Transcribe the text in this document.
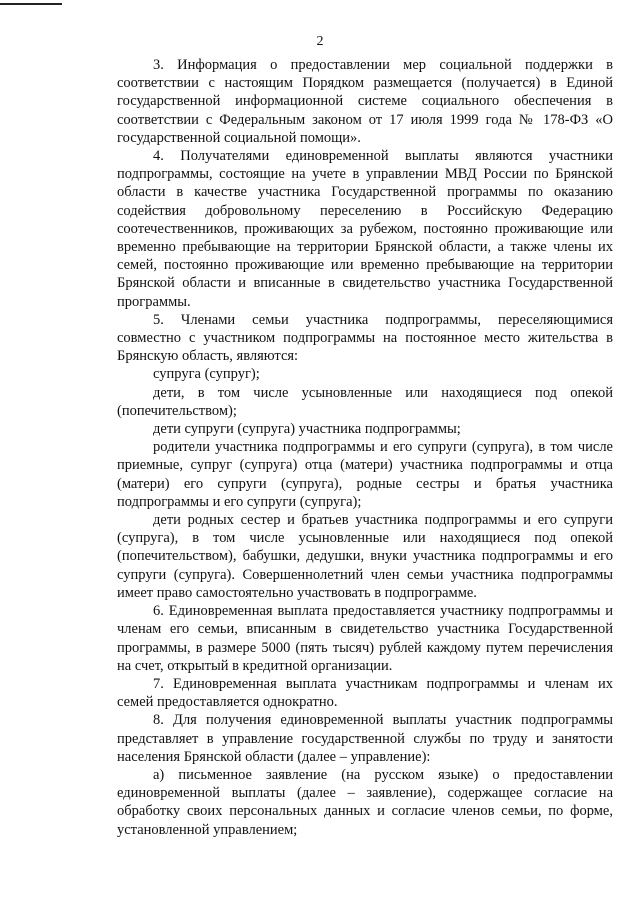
2

3. Информация о предоставлении мер социальной поддержки в соответствии с настоящим Порядком размещается (получается) в Единой государственной информационной системе социального обеспечения в соответствии с Федеральным законом от 17 июля 1999 года № 178-ФЗ «О государственной социальной помощи».

4. Получателями единовременной выплаты являются участники подпрограммы, состоящие на учете в управлении МВД России по Брянской области в качестве участника Государственной программы по оказанию содействия добровольному переселению в Российскую Федерацию соотечественников, проживающих за рубежом, постоянно проживающие или временно пребывающие на территории Брянской области, а также члены их семей, постоянно проживающие или временно пребывающие на территории Брянской области и вписанные в свидетельство участника Государственной программы.

5. Членами семьи участника подпрограммы, переселяющимися совместно с участником подпрограммы на постоянное место жительства в Брянскую область, являются:

супруга (супруг);

дети, в том числе усыновленные или находящиеся под опекой (попечительством);

дети супруги (супруга) участника подпрограммы;

родители участника подпрограммы и его супруги (супруга), в том числе приемные, супруг (супруга) отца (матери) участника подпрограммы и отца (матери) его супруги (супруга), родные сестры и братья участника подпрограммы и его супруги (супруга);

дети родных сестер и братьев участника подпрограммы и его супруги (супруга), в том числе усыновленные или находящиеся под опекой (попечительством), бабушки, дедушки, внуки участника подпрограммы и его супруги (супруга). Совершеннолетний член семьи участника подпрограммы имеет право самостоятельно участвовать в подпрограмме.

6. Единовременная выплата предоставляется участнику подпрограммы и членам его семьи, вписанным в свидетельство участника Государственной программы, в размере 5000 (пять тысяч) рублей каждому путем перечисления на счет, открытый в кредитной организации.

7. Единовременная выплата участникам подпрограммы и членам их семей предоставляется однократно.

8. Для получения единовременной выплаты участник подпрограммы представляет в управление государственной службы по труду и занятости населения Брянской области (далее – управление):

а) письменное заявление (на русском языке) о предоставлении единовременной выплаты (далее – заявление), содержащее согласие на обработку своих персональных данных и согласие членов семьи, по форме, установленной управлением;
